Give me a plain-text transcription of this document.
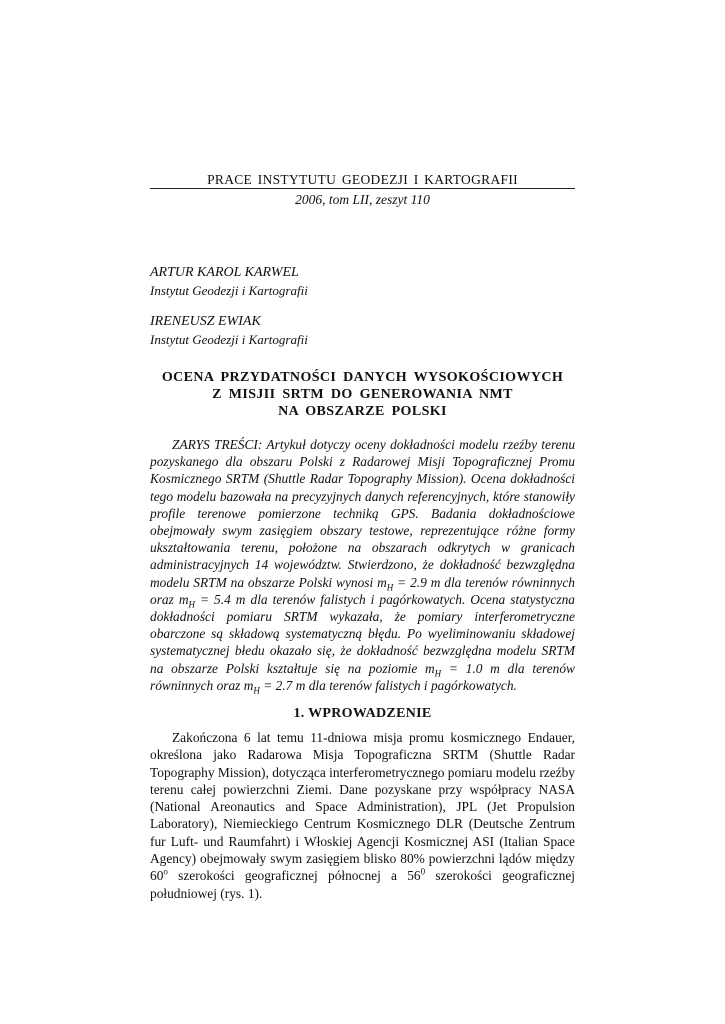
PRACE INSTYTUTU GEODEZJI I KARTOGRAFII
2006, tom LII, zeszyt 110
ARTUR KAROL KARWEL
Instytut Geodezji i Kartografii
IRENEUSZ EWIAK
Instytut Geodezji i Kartografii
OCENA PRZYDATNOŚCI DANYCH WYSOKOŚCIOWYCH
Z MISJII SRTM DO GENEROWANIA NMT
NA OBSZARZE POLSKI

ZARYS TREŚCI: Artykuł dotyczy oceny dokładności modelu rzeźby terenu pozyskanego dla obszaru Polski z Radarowej Misji Topograficznej Promu Kosmicznego SRTM (Shuttle Radar Topography Mission). Ocena dokładności tego modelu bazowała na precyzyjnych danych referencyjnych, które stanowiły profile terenowe pomierzone techniką GPS. Badania dokładnościowe obejmowały swym zasięgiem obszary testowe, reprezentujące różne formy ukształtowania terenu, położone na obszarach odkrytych w granicach administracyjnych 14 województw. Stwierdzono, że dokładność bezwzględna modelu SRTM na obszarze Polski wynosi $m_H = 2.9$ m dla terenów równinnych oraz $m_H = 5.4$ m dla terenów falistych i pagórkowatych. Ocena statystyczna dokładności pomiaru SRTM wykazała, że pomiary interferometryczne obarczone są składową systematyczną błędu. Po wyeliminowaniu składowej systematycznej błedu okazało się, że dokładność bezwzględna modelu SRTM na obszarze Polski kształtuje się na poziomie $m_H = 1.0$ m dla terenów równinnych oraz $m_H = 2.7$ m dla terenów falistych i pagórkowatych.

1. WPROWADZENIE

Zakończona 6 lat temu 11-dniowa misja promu kosmicznego Endauer, określona jako Radarowa Misja Topograficzna SRTM (Shuttle Radar Topography Mission), dotycząca interferometrycznego pomiaru modelu rzeźby terenu całej powierzchni Ziemi. Dane pozyskane przy współpracy NASA (National Areonautics and Space Administration), JPL (Jet Propulsion Laboratory), Niemieckiego Centrum Kosmicznego DLR (Deutsche Zentrum fur Luft- und Raumfahrt) i Włoskiej Agencji Kosmicznej ASI (Italian Space Agency) obejmowały swym zasięgiem blisko 80% powierzchni lądów między 60$^o$ szerokości geograficznej północnej a $56^0$ szerokości geograficznej południowej (rys. 1).
